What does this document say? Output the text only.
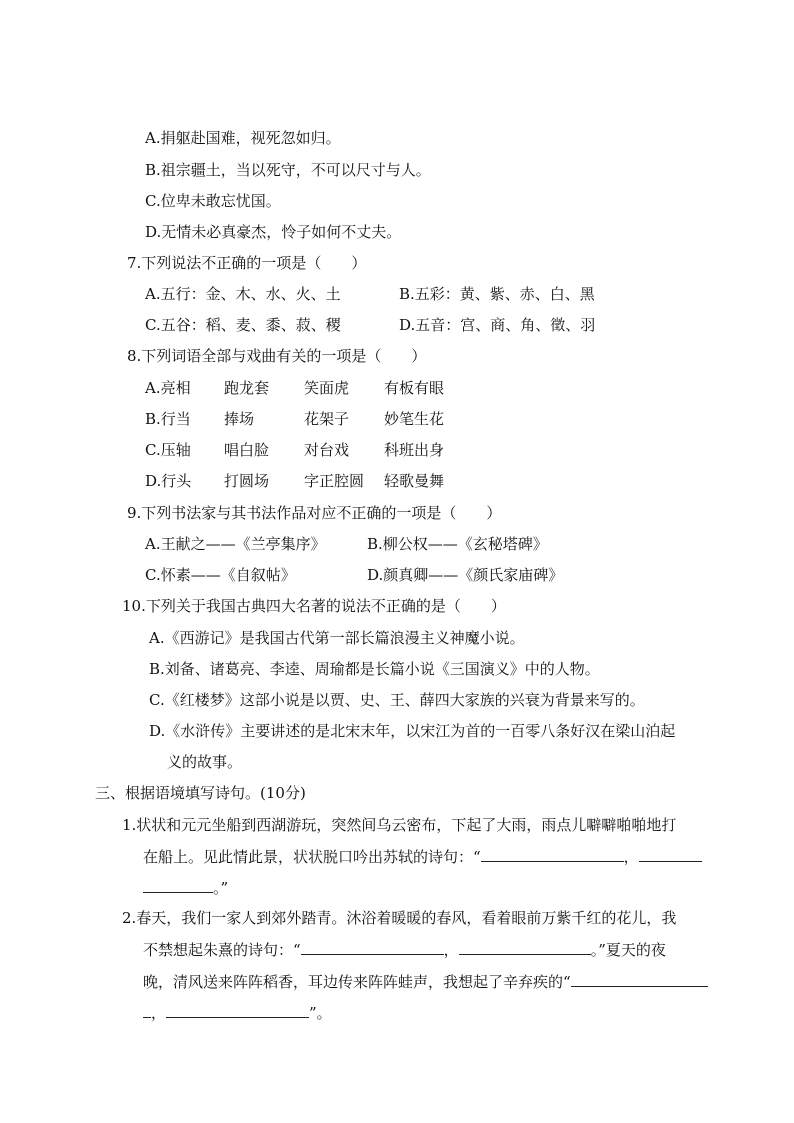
A.捐躯赴国难，视死忽如归。
B.祖宗疆土，当以死守，不可以尺寸与人。
C.位卑未敢忘忧国。
D.无情未必真豪杰，怜子如何不丈夫。
7.下列说法不正确的一项是（　　）
A.五行：金、木、水、火、土	B.五彩：黄、紫、赤、白、黑
C.五谷：稻、麦、黍、菽、稷	D.五音：宫、商、角、徵、羽
8.下列词语全部与戏曲有关的一项是（　　）
A.亮相 跑龙套 笑面虎 有板有眼
B.行当 捧场	花架子 妙笔生花
C.压轴 唱白脸 对台戏 科班出身
D.行头 打圆场 字正腔圆 轻歌曼舞
9.下列书法家与其书法作品对应不正确的一项是（　　）
A.王献之——《兰亭集序》	B.柳公权——《玄秘塔碑》
C.怀素——《自叙帖》	D.颜真卿——《颜氏家庙碑》
10.下列关于我国古典四大名著的说法不正确的是（　　）
A.《西游记》是我国古代第一部长篇浪漫主义神魔小说。
B.刘备、诸葛亮、李逵、周瑜都是长篇小说《三国演义》中的人物。
C.《红楼梦》这部小说是以贾、史、王、薛四大家族的兴衰为背景来写的。
D.《水浒传》主要讲述的是北宋末年，以宋江为首的一百零八条好汉在梁山泊起
义的故事。
三、根据语境填写诗句。(10分)
1.状状和元元坐船到西湖游玩，突然间乌云密布，下起了大雨，雨点儿噼噼啪啪地打
在船上。见此情此景，状状脱口吟出苏轼的诗句：“	，
。”
2.春天，我们一家人到郊外踏青。沐浴着暖暖的春风，看着眼前万紫千红的花儿，我
不禁想起朱熹的诗句：“	，	。”夏天的夜
晚，清风送来阵阵稻香，耳边传来阵阵蛙声，我想起了辛弃疾的“
，	”。
